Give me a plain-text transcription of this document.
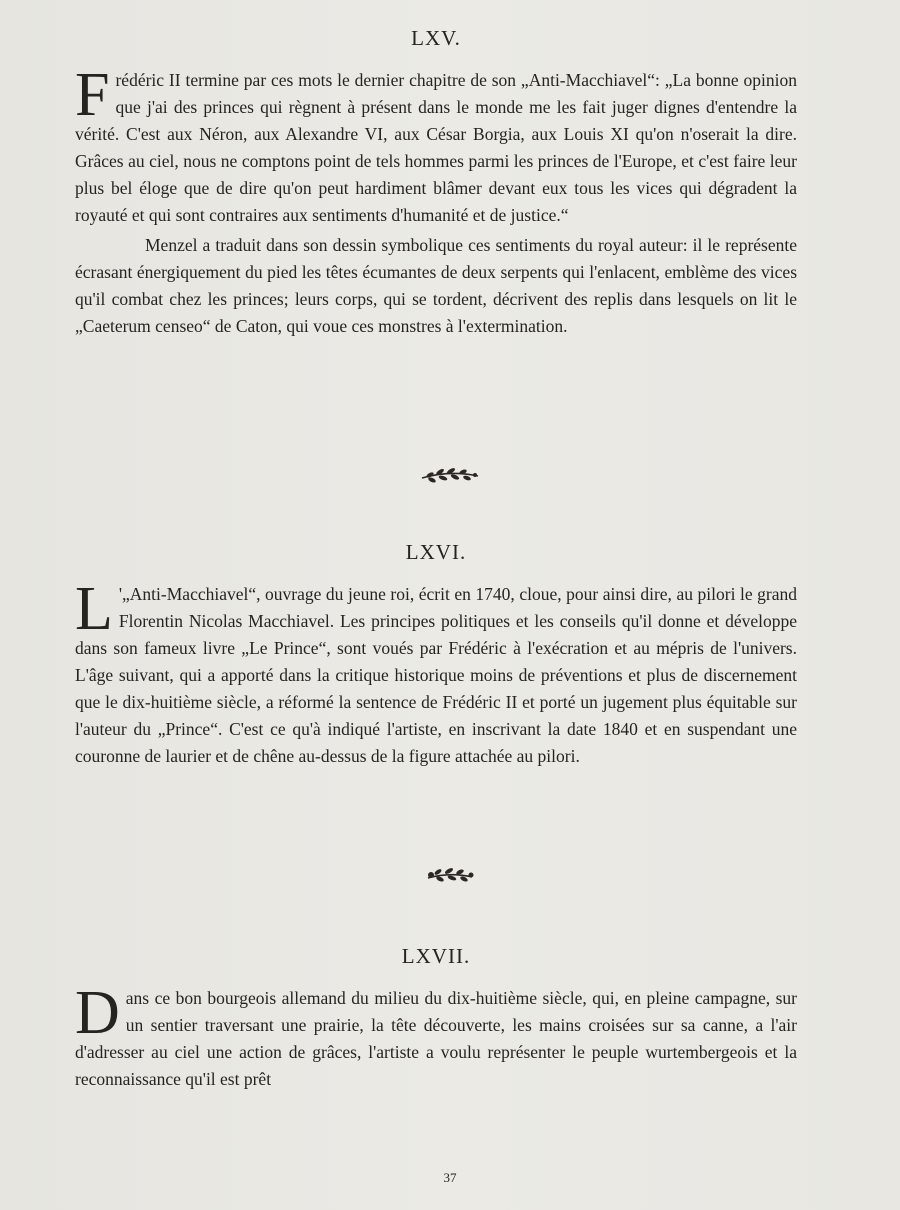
LXV.

Frédéric II termine par ces mots le dernier chapitre de son „Anti-Macchiavel“: „La bonne opinion que j'ai des princes qui règnent à présent dans le monde me les fait juger dignes d'entendre la vérité. C'est aux Néron, aux Alexandre VI, aux César Borgia, aux Louis XI qu'on n'oserait la dire. Grâces au ciel, nous ne comptons point de tels hommes parmi les princes de l'Europe, et c'est faire leur plus bel éloge que de dire qu'on peut hardiment blâmer devant eux tous les vices qui dégradent la royauté et qui sont contraires aux sentiments d'humanité et de justice.“

Menzel a traduit dans son dessin symbolique ces sentiments du royal auteur: il le représente écrasant énergiquement du pied les têtes écumantes de deux serpents qui l'enlacent, emblème des vices qu'il combat chez les princes; leurs corps, qui se tordent, décrivent des replis dans lesquels on lit le „Caeterum censeo“ de Caton, qui voue ces monstres à l'extermination.

LXVI.

L '„Anti-Macchiavel“, ouvrage du jeune roi, écrit en 1740, cloue, pour ainsi dire, au pilori le grand Florentin Nicolas Macchiavel. Les principes politiques et les conseils qu'il donne et développe dans son fameux livre „Le Prince“, sont voués par Frédéric à l'exécration et au mépris de l'univers. L'âge suivant, qui a apporté dans la critique historique moins de préventions et plus de discernement que le dix-huitième siècle, a réformé la sentence de Frédéric II et porté un jugement plus équitable sur l'auteur du „Prince“. C'est ce qu'à indiqué l'artiste, en inscrivant la date 1840 et en suspendant une couronne de laurier et de chêne au-dessus de la figure attachée au pilori.

LXVII.

Dans ce bon bourgeois allemand du milieu du dix-huitième siècle, qui, en pleine campagne, sur un sentier traversant une prairie, la tête découverte, les mains croisées sur sa canne, a l'air d'adresser au ciel une action de grâces, l'artiste a voulu représenter le peuple wurtembergeois et la reconnaissance qu'il est prêt

37
